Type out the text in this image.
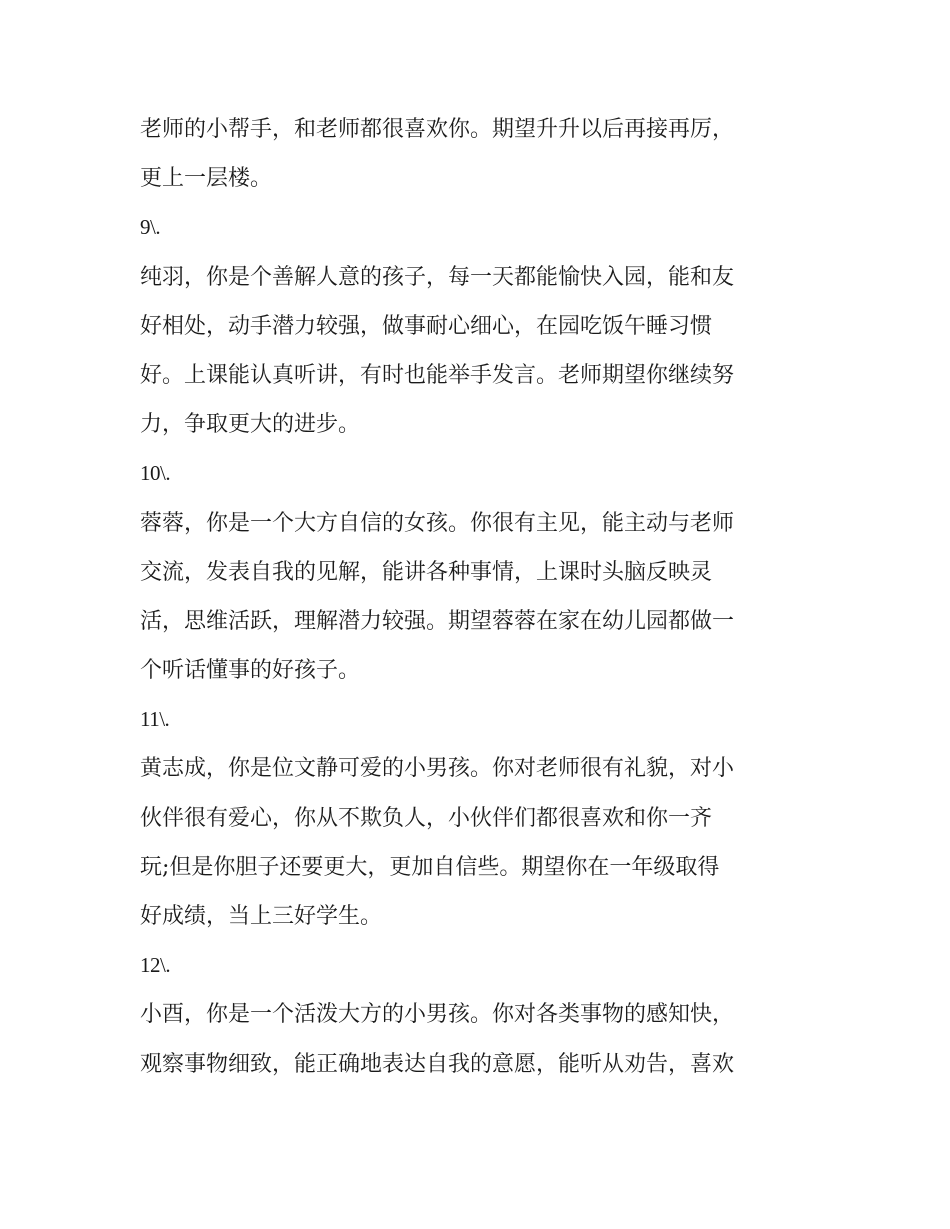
老师的小帮手，和老师都很喜欢你。期望升升以后再接再厉，
更上一层楼。
9\.
纯羽，你是个善解人意的孩子，每一天都能愉快入园，能和友
好相处，动手潜力较强，做事耐心细心，在园吃饭午睡习惯
好。上课能认真听讲，有时也能举手发言。老师期望你继续努
力，争取更大的进步。
10\.
蓉蓉，你是一个大方自信的女孩。你很有主见，能主动与老师
交流，发表自我的见解，能讲各种事情，上课时头脑反映灵
活，思维活跃，理解潜力较强。期望蓉蓉在家在幼儿园都做一
个听话懂事的好孩子。
11\.
黄志成，你是位文静可爱的小男孩。你对老师很有礼貌，对小
伙伴很有爱心，你从不欺负人，小伙伴们都很喜欢和你一齐
玩;但是你胆子还要更大，更加自信些。期望你在一年级取得
好成绩，当上三好学生。
12\.
小酉，你是一个活泼大方的小男孩。你对各类事物的感知快，
观察事物细致，能正确地表达自我的意愿，能听从劝告，喜欢
